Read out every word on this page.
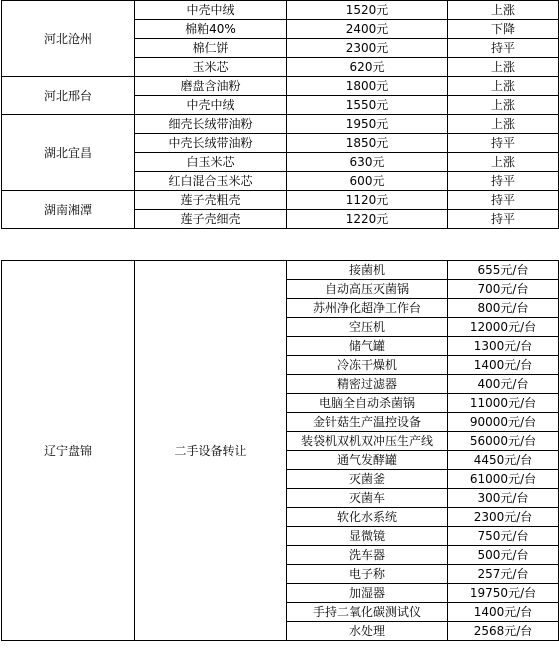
河北沧州	中壳中绒	1520元	上涨
	棉粕40%	2400元	下降
	棉仁饼	2300元	持平
	玉米芯	620元	上涨
河北邢台	磨盘含油粉	1800元	上涨
	中壳中绒	1550元	上涨
湖北宜昌	细壳长绒带油粉	1950元	上涨
	中壳长绒带油粉	1850元	持平
	白玉米芯	630元	上涨
	红白混合玉米芯	600元	持平
湖南湘潭	莲子壳粗壳	1120元	持平
	莲子壳细壳	1220元	持平
辽宁盘锦	二手设备转让	接菌机	655元/台
		自动高压灭菌锅	700元/台
		苏州净化超净工作台	800元/台
		空压机	12000元/台
		储气罐	1300元/台
		冷冻干燥机	1400元/台
		精密过滤器	400元/台
		电脑全自动杀菌锅	11000元/台
		金针菇生产温控设备	90000元/台
		装袋机双机双冲压生产线	56000元/台
		通气发酵罐	4450元/台
		灭菌釜	61000元/台
		灭菌车	300元/台
		软化水系统	2300元/台
		显微镜	750元/台
		洗车器	500元/台
		电子称	257元/台
		加湿器	19750元/台
		手持二氧化碳测试仪	1400元/台
		水处理	2568元/台
